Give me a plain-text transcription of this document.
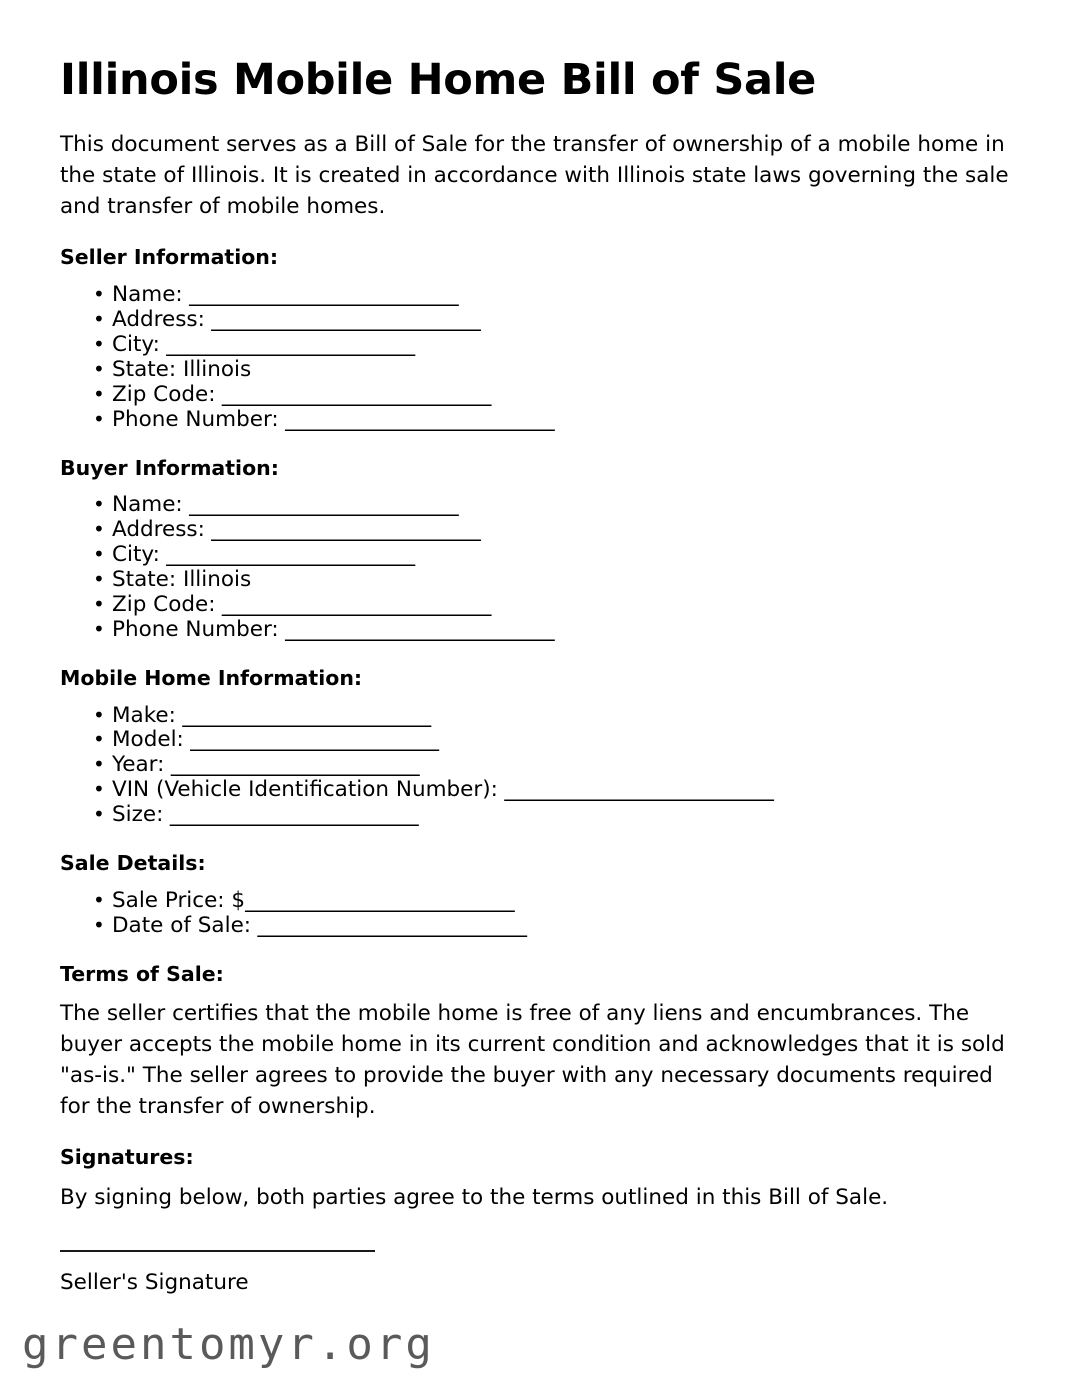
Illinois Mobile Home Bill of Sale

This document serves as a Bill of Sale for the transfer of ownership of a mobile home in the state of Illinois. It is created in accordance with Illinois state laws governing the sale and transfer of mobile homes.

Seller Information:
• Name: __________________________
• Address: __________________________
• City: ________________________
• State: Illinois
• Zip Code: __________________________
• Phone Number: __________________________
Buyer Information:
• Name: __________________________
• Address: __________________________
• City: ________________________
• State: Illinois
• Zip Code: __________________________
• Phone Number: __________________________
Mobile Home Information:
• Make: ________________________
• Model: ________________________
• Year: ________________________
• VIN (Vehicle Identification Number): __________________________
• Size: ________________________
Sale Details:
• Sale Price: $__________________________
• Date of Sale: __________________________
Terms of Sale:

The seller certifies that the mobile home is free of any liens and encumbrances. The buyer accepts the mobile home in its current condition and acknowledges that it is sold "as-is." The seller agrees to provide the buyer with any necessary documents required for the transfer of ownership.

Signatures:

By signing below, both parties agree to the terms outlined in this Bill of Sale.

Seller's Signature

greentomyr.org
